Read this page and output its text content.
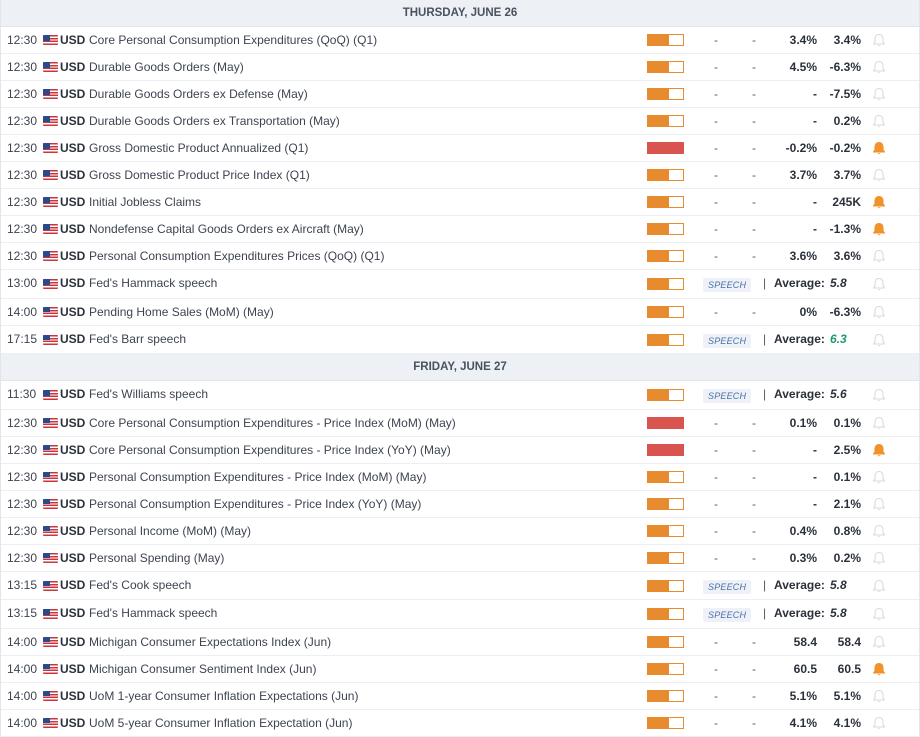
THURSDAY, JUNE 26
12:30 USD Core Personal Consumption Expenditures (QoQ) (Q1)	-	-	3.4%	3.4%
12:30 USD Durable Goods Orders (May)	-	-	4.5%	-6.3%
12:30 USD Durable Goods Orders ex Defense (May)	-	-	-	-7.5%
12:30 USD Durable Goods Orders ex Transportation (May)	-	-	-	0.2%
12:30 USD Gross Domestic Product Annualized (Q1)	-	-	-0.2%	-0.2%
12:30 USD Gross Domestic Product Price Index (Q1)	-	-	3.7%	3.7%
12:30 USD Initial Jobless Claims	-	-	-	245K
12:30 USD Nondefense Capital Goods Orders ex Aircraft (May)	-	-	-	-1.3%
12:30 USD Personal Consumption Expenditures Prices (QoQ) (Q1)	-	-	3.6%	3.6%
13:00 USD Fed's Hammack speech	SPEECH	| Average: 5.8
14:00 USD Pending Home Sales (MoM) (May)	-	-	0%	-6.3%
17:15 USD Fed's Barr speech	SPEECH	| Average: 6.3
FRIDAY, JUNE 27
11:30 USD Fed's Williams speech	SPEECH	| Average: 5.6
12:30 USD Core Personal Consumption Expenditures - Price Index (MoM) (May)	-	-	0.1%	0.1%
12:30 USD Core Personal Consumption Expenditures - Price Index (YoY) (May)	-	-	-	2.5%
12:30 USD Personal Consumption Expenditures - Price Index (MoM) (May)	-	-	-	0.1%
12:30 USD Personal Consumption Expenditures - Price Index (YoY) (May)	-	-	-	2.1%
12:30 USD Personal Income (MoM) (May)	-	-	0.4%	0.8%
12:30 USD Personal Spending (May)	-	-	0.3%	0.2%
13:15 USD Fed's Cook speech	SPEECH	| Average: 5.8
13:15 USD Fed's Hammack speech	SPEECH	| Average: 5.8
14:00 USD Michigan Consumer Expectations Index (Jun)	-	-	58.4	58.4
14:00 USD Michigan Consumer Sentiment Index (Jun)	-	-	60.5	60.5
14:00 USD UoM 1-year Consumer Inflation Expectations (Jun)	-	-	5.1%	5.1%
14:00 USD UoM 5-year Consumer Inflation Expectation (Jun)	-	-	4.1%	4.1%
